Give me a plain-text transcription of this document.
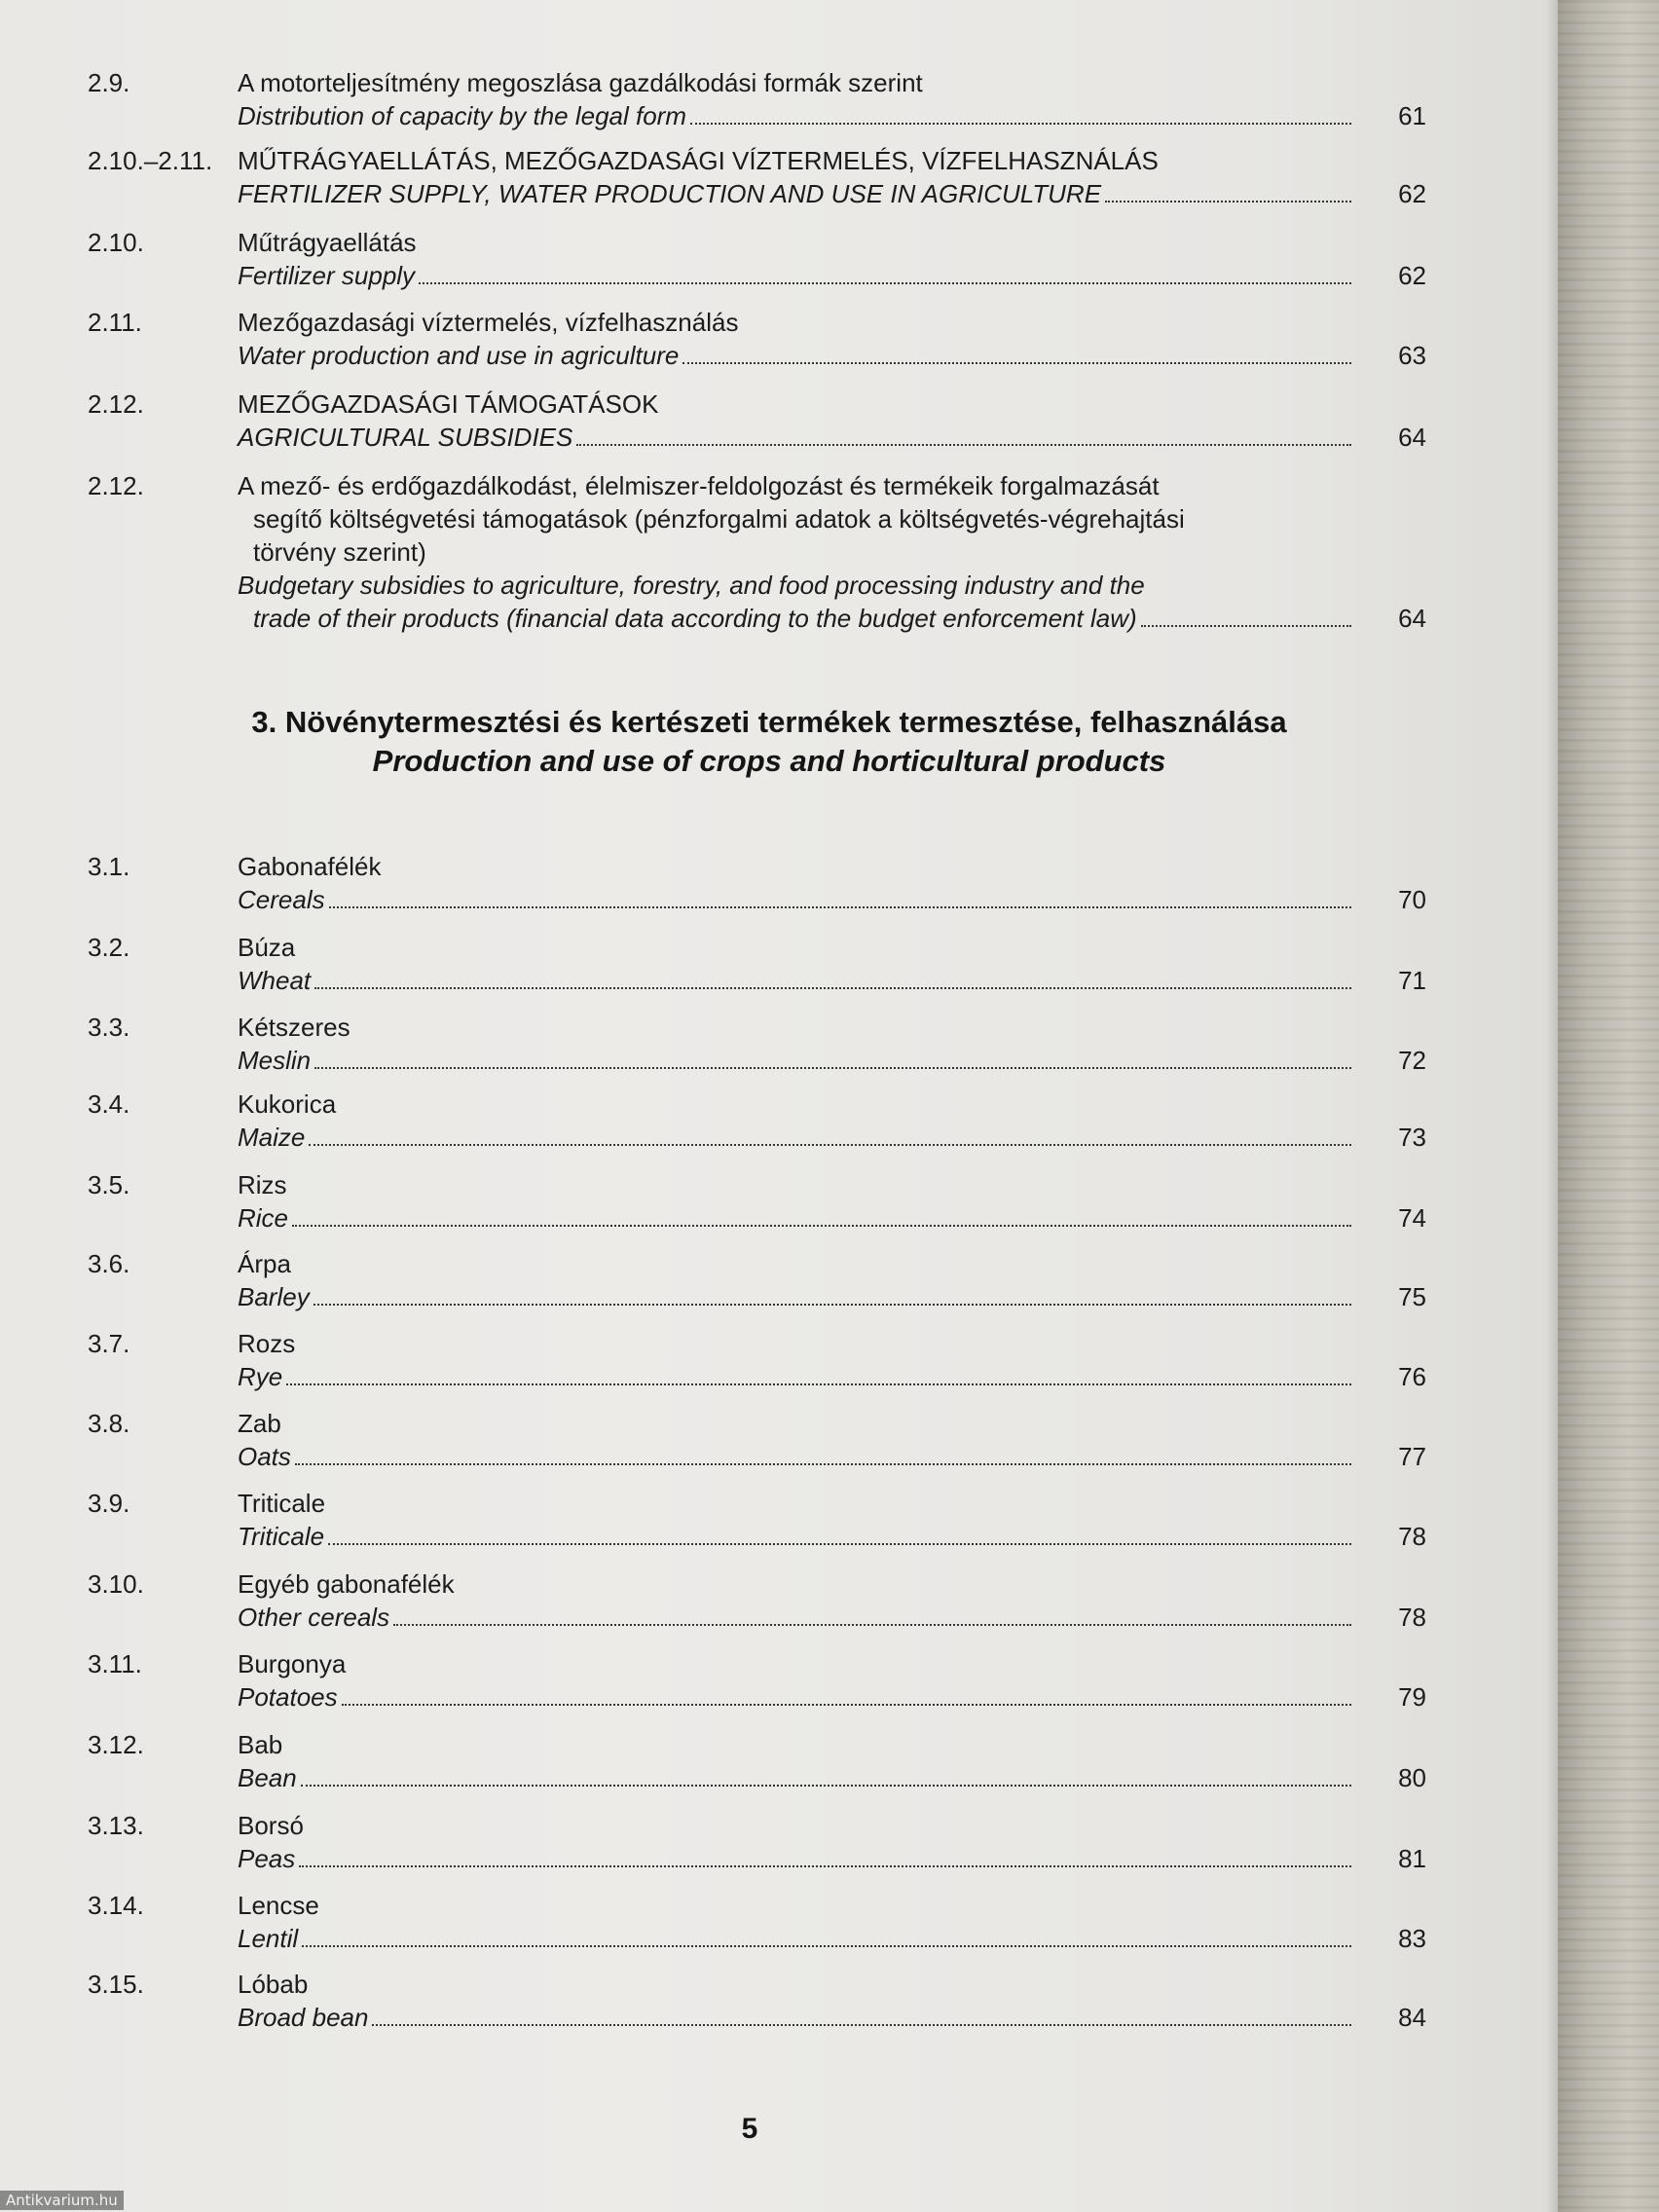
2.9.	A motorteljesítmény megoszlása gazdálkodási formák szerint
Distribution of capacity by the legal form	61
2.10.–2.11. MŰTRÁGYAELLÁTÁS, MEZŐGAZDASÁGI VÍZTERMELÉS, VÍZFELHASZNÁLÁS
FERTILIZER SUPPLY, WATER PRODUCTION AND USE IN AGRICULTURE	62
2.10.	Műtrágyaellátás
Fertilizer supply	62
2.11.	Mezőgazdasági víztermelés, vízfelhasználás
Water production and use in agriculture	63
2.12.	MEZŐGAZDASÁGI TÁMOGATÁSOK
AGRICULTURAL SUBSIDIES	64
2.12.	A mező- és erdőgazdálkodást, élelmiszer-feldolgozást és termékeik forgalmazását
segítő költségvetési támogatások (pénzforgalmi adatok a költségvetés-végrehajtási
törvény szerint)
Budgetary subsidies to agriculture, forestry, and food processing industry and the
trade of their products (financial data according to the budget enforcement law)	64
3. Növénytermesztési és kertészeti termékek termesztése, felhasználása
Production and use of crops and horticultural products
3.1.	Gabonafélék
Cereals	70
3.2.	Búza
Wheat	71
3.3.	Kétszeres
Meslin	72
3.4.	Kukorica
Maize	73
3.5.	Rizs
Rice	74
3.6.	Árpa
Barley	75
3.7.	Rozs
Rye	76
3.8.	Zab
Oats	77
3.9.	Triticale
Triticale	78
3.10.	Egyéb gabonafélék
Other cereals	78
3.11.	Burgonya
Potatoes	79
3.12.	Bab
Bean	80
3.13.	Borsó
Peas	81
3.14.	Lencse
Lentil	83
3.15.	Lóbab
Broad bean	84
5
Antikvarium.hu
